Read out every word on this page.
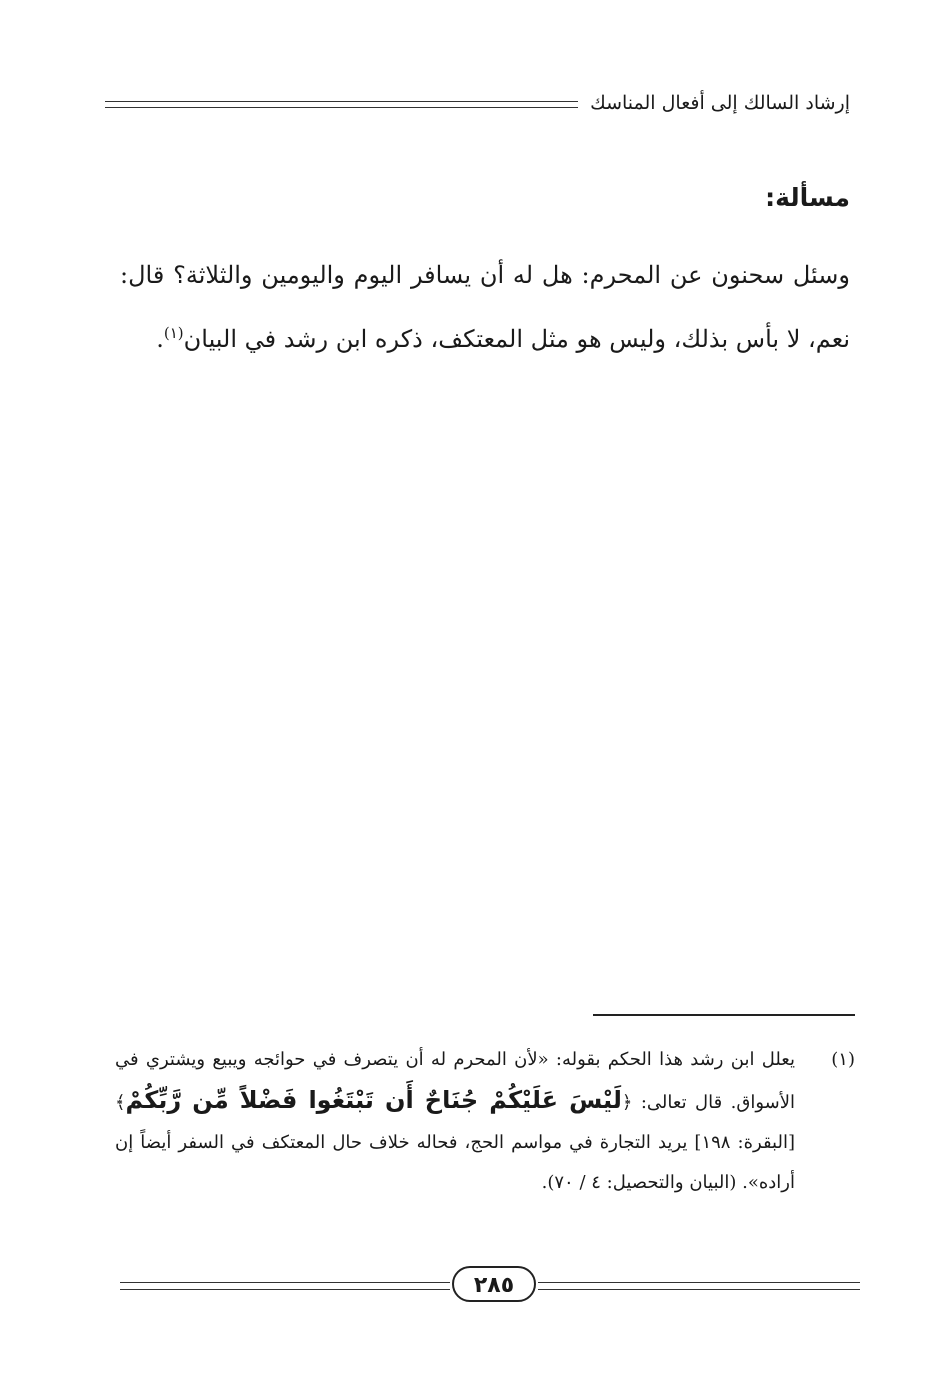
إرشاد السالك إلى أفعال المناسك
مسألة:

وسئل سحنون عن المحرم: هل له أن يسافر اليوم واليومين والثلاثة؟ قال: نعم، لا بأس بذلك، وليس هو مثل المعتكف، ذكره ابن رشد في البيان$^{(١)}$.

(١)
يعلل ابن رشد هذا الحكم بقوله: «لأن المحرم له أن يتصرف في حوائجه ويبيع ويشتري في الأسواق. قال تعالى: ﴿لَيْسَ عَلَيْكُمْ جُنَاحٌ أَن تَبْتَغُوا فَضْلاً مِّن رَّبِّكُمْ﴾ [البقرة: ١٩٨] يريد التجارة في مواسم الحج، فحاله خلاف حال المعتكف في السفر أيضاً إن أراده». (البيان والتحصيل: ٤ / ٧٠).
٢٨٥
